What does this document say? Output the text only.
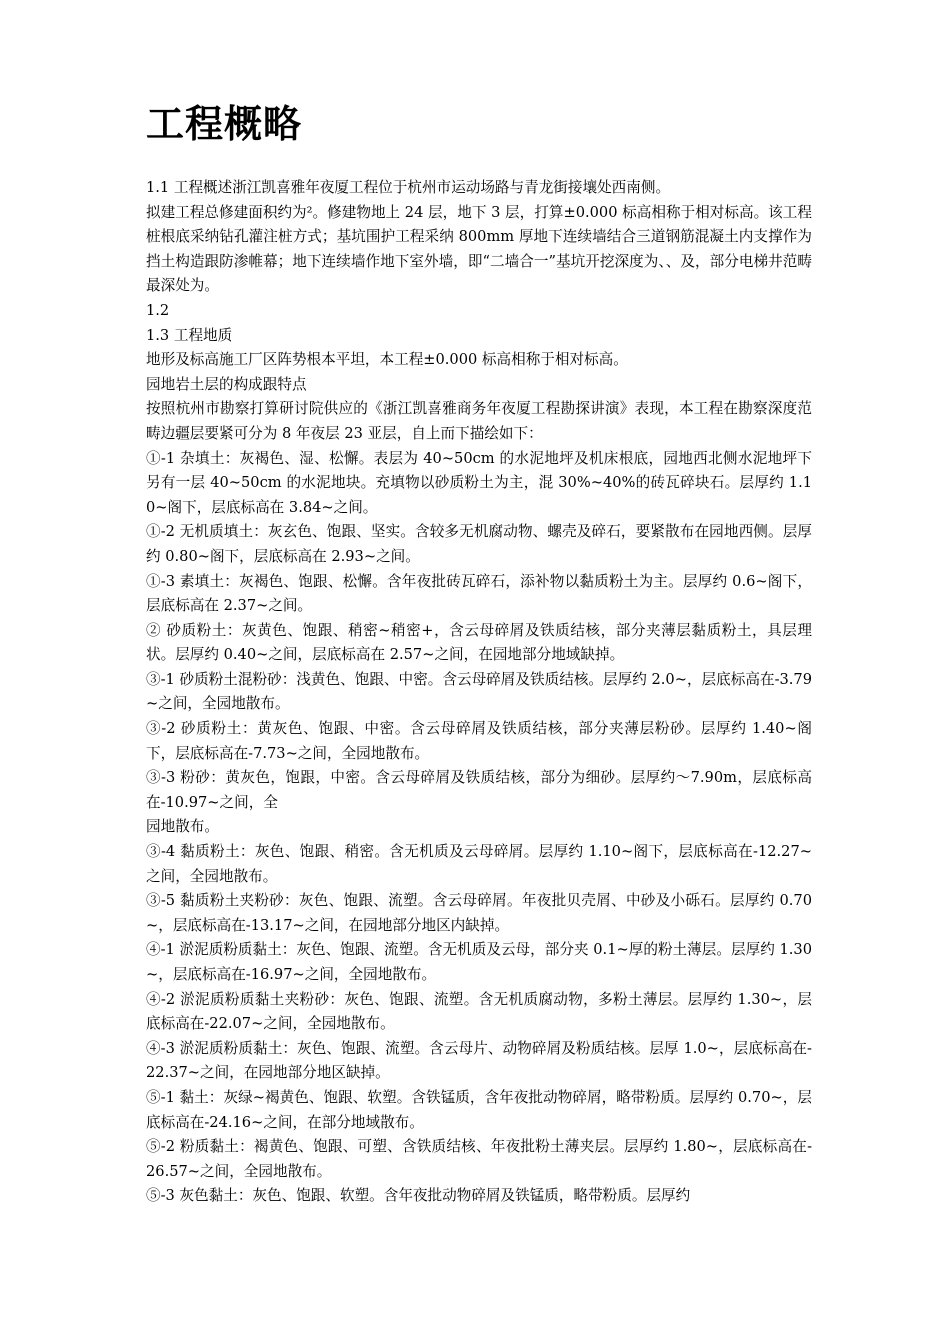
工程概略

1.1 工程概述浙江凯喜雅年夜厦工程位于杭州市运动场路与青龙街接壤处西南侧。

拟建工程总修建面积约为²。修建物地上 24 层，地下 3 层，打算±0.000 标高相称于相对标高。该工程桩根底采纳钻孔灌注桩方式；基坑围护工程采纳 800mm 厚地下连续墙结合三道钢筋混凝土内支撑作为挡土构造跟防渗帷幕；地下连续墙作地下室外墙，即“二墙合一”基坑开挖深度为、、及，部分电梯井范畴最深处为。

1.2

1.3 工程地质

地形及标高施工厂区阵势根本平坦，本工程±0.000 标高相称于相对标高。

园地岩土层的构成跟特点

按照杭州市勘察打算研讨院供应的《浙江凯喜雅商务年夜厦工程勘探讲演》表现，本工程在勘察深度范畴边疆层要紧可分为 8 年夜层 23 亚层，自上而下描绘如下：

①-1 杂填土：灰褐色、湿、松懈。表层为 40~50cm 的水泥地坪及机床根底，园地西北侧水泥地坪下另有一层 40~50cm 的水泥地块。充填物以砂质粉土为主，混 30%~40%的砖瓦碎块石。层厚约 1.10~阁下，层底标高在 3.84~之间。

①-2 无机质填土：灰玄色、饱跟、坚实。含较多无机腐动物、螺壳及碎石，要紧散布在园地西侧。层厚约 0.80~阁下，层底标高在 2.93~之间。

①-3 素填土：灰褐色、饱跟、松懈。含年夜批砖瓦碎石，添补物以黏质粉土为主。层厚约 0.6~阁下，层底标高在 2.37~之间。

② 砂质粉土：灰黄色、饱跟、稍密~稍密+，含云母碎屑及铁质结核，部分夹薄层黏质粉土，具层理状。层厚约 0.40~之间，层底标高在 2.57~之间，在园地部分地域缺掉。

③-1 砂质粉土混粉砂：浅黄色、饱跟、中密。含云母碎屑及铁质结核。层厚约 2.0~，层底标高在-3.79~之间，全园地散布。

③-2 砂质粉土：黄灰色、饱跟、中密。含云母碎屑及铁质结核，部分夹薄层粉砂。层厚约 1.40~阁下，层底标高在-7.73~之间，全园地散布。

③-3 粉砂：黄灰色，饱跟，中密。含云母碎屑及铁质结核，部分为细砂。层厚约～7.90m，层底标高在-10.97~之间，全

园地散布。

③-4 黏质粉土：灰色、饱跟、稍密。含无机质及云母碎屑。层厚约 1.10~阁下，层底标高在-12.27~之间，全园地散布。

③-5 黏质粉土夹粉砂：灰色、饱跟、流塑。含云母碎屑。年夜批贝壳屑、中砂及小砾石。层厚约 0.70~，层底标高在-13.17~之间，在园地部分地区内缺掉。

④-1 淤泥质粉质黏土：灰色、饱跟、流塑。含无机质及云母，部分夹 0.1~厚的粉土薄层。层厚约 1.30~，层底标高在-16.97~之间，全园地散布。

④-2 淤泥质粉质黏土夹粉砂：灰色、饱跟、流塑。含无机质腐动物，多粉土薄层。层厚约 1.30~，层底标高在-22.07~之间，全园地散布。

④-3 淤泥质粉质黏土：灰色、饱跟、流塑。含云母片、动物碎屑及粉质结核。层厚 1.0~，层底标高在-22.37~之间，在园地部分地区缺掉。

⑤-1 黏土：灰绿~褐黄色、饱跟、软塑。含铁锰质，含年夜批动物碎屑，略带粉质。层厚约 0.70~，层底标高在-24.16~之间，在部分地域散布。

⑤-2 粉质黏土：褐黄色、饱跟、可塑、含铁质结核、年夜批粉土薄夹层。层厚约 1.80~，层底标高在-26.57~之间，全园地散布。

⑤-3 灰色黏土：灰色、饱跟、软塑。含年夜批动物碎屑及铁锰质，略带粉质。层厚约
